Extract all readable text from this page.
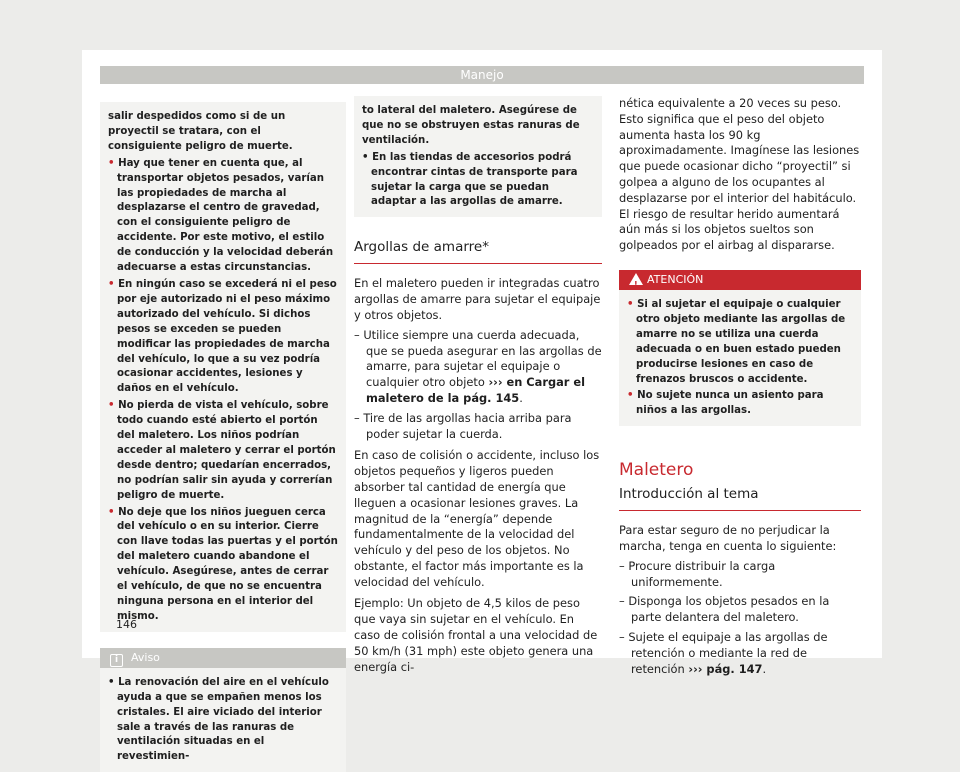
Manejo

salir despedidos como si de un proyectil se tratara, con el consiguiente peligro de muerte.

• Hay que tener en cuenta que, al transportar objetos pesados, varían las propiedades de marcha al desplazarse el centro de gravedad, con el consiguiente peligro de accidente. Por este motivo, el estilo de conducción y la velocidad deberán adecuarse a estas circunstancias.

• En ningún caso se excederá ni el peso por eje autorizado ni el peso máximo autorizado del vehículo. Si dichos pesos se exceden se pueden modificar las propiedades de marcha del vehículo, lo que a su vez podría ocasionar accidentes, lesiones y daños en el vehículo.

• No pierda de vista el vehículo, sobre todo cuando esté abierto el portón del maletero. Los niños podrían acceder al maletero y cerrar el portón desde dentro; quedarían encerrados, no podrían salir sin ayuda y correrían peligro de muerte.

• No deje que los niños jueguen cerca del vehículo o en su interior. Cierre con llave todas las puertas y el portón del maletero cuando abandone el vehículo. Asegúrese, antes de cerrar el vehículo, de que no se encuentra ninguna persona en el interior del mismo.

i Aviso

• La renovación del aire en el vehículo ayuda a que se empañen menos los cristales. El aire viciado del interior sale a través de las ranuras de ventilación situadas en el revestimien-

to lateral del maletero. Asegúrese de que no se obstruyen estas ranuras de ventilación.

• En las tiendas de accesorios podrá encontrar cintas de transporte para sujetar la carga que se puedan adaptar a las argollas de amarre.

Argollas de amarre*

En el maletero pueden ir integradas cuatro argollas de amarre para sujetar el equipaje y otros objetos.

– Utilice siempre una cuerda adecuada, que se pueda asegurar en las argollas de amarre, para sujetar el equipaje o cualquier otro objeto ››› en Cargar el maletero de la pág. 145.

– Tire de las argollas hacia arriba para poder sujetar la cuerda.

En caso de colisión o accidente, incluso los objetos pequeños y ligeros pueden absorber tal cantidad de energía que lleguen a ocasionar lesiones graves. La magnitud de la “energía” depende fundamentalmente de la velocidad del vehículo y del peso de los objetos. No obstante, el factor más importante es la velocidad del vehículo.

Ejemplo: Un objeto de 4,5 kilos de peso que vaya sin sujetar en el vehículo. En caso de colisión frontal a una velocidad de 50 km/h (31 mph) este objeto genera una energía ci-

nética equivalente a 20 veces su peso. Esto significa que el peso del objeto aumenta hasta los 90 kg aproximadamente. Imagínese las lesiones que puede ocasionar dicho “proyectil” si golpea a alguno de los ocupantes al desplazarse por el interior del habitáculo. El riesgo de resultar herido aumentará aún más si los objetos sueltos son golpeados por el airbag al dispararse.

!
ATENCIÓN

• Si al sujetar el equipaje o cualquier otro objeto mediante las argollas de amarre no se utiliza una cuerda adecuada o en buen estado pueden producirse lesiones en caso de frenazos bruscos o accidente.

• No sujete nunca un asiento para niños a las argollas.

Maletero
Introducción al tema

Para estar seguro de no perjudicar la marcha, tenga en cuenta lo siguiente:

– Procure distribuir la carga uniformemente.

– Disponga los objetos pesados en la parte delantera del maletero.

– Sujete el equipaje a las argollas de retención o mediante la red de retención ››› pág. 147.

146
